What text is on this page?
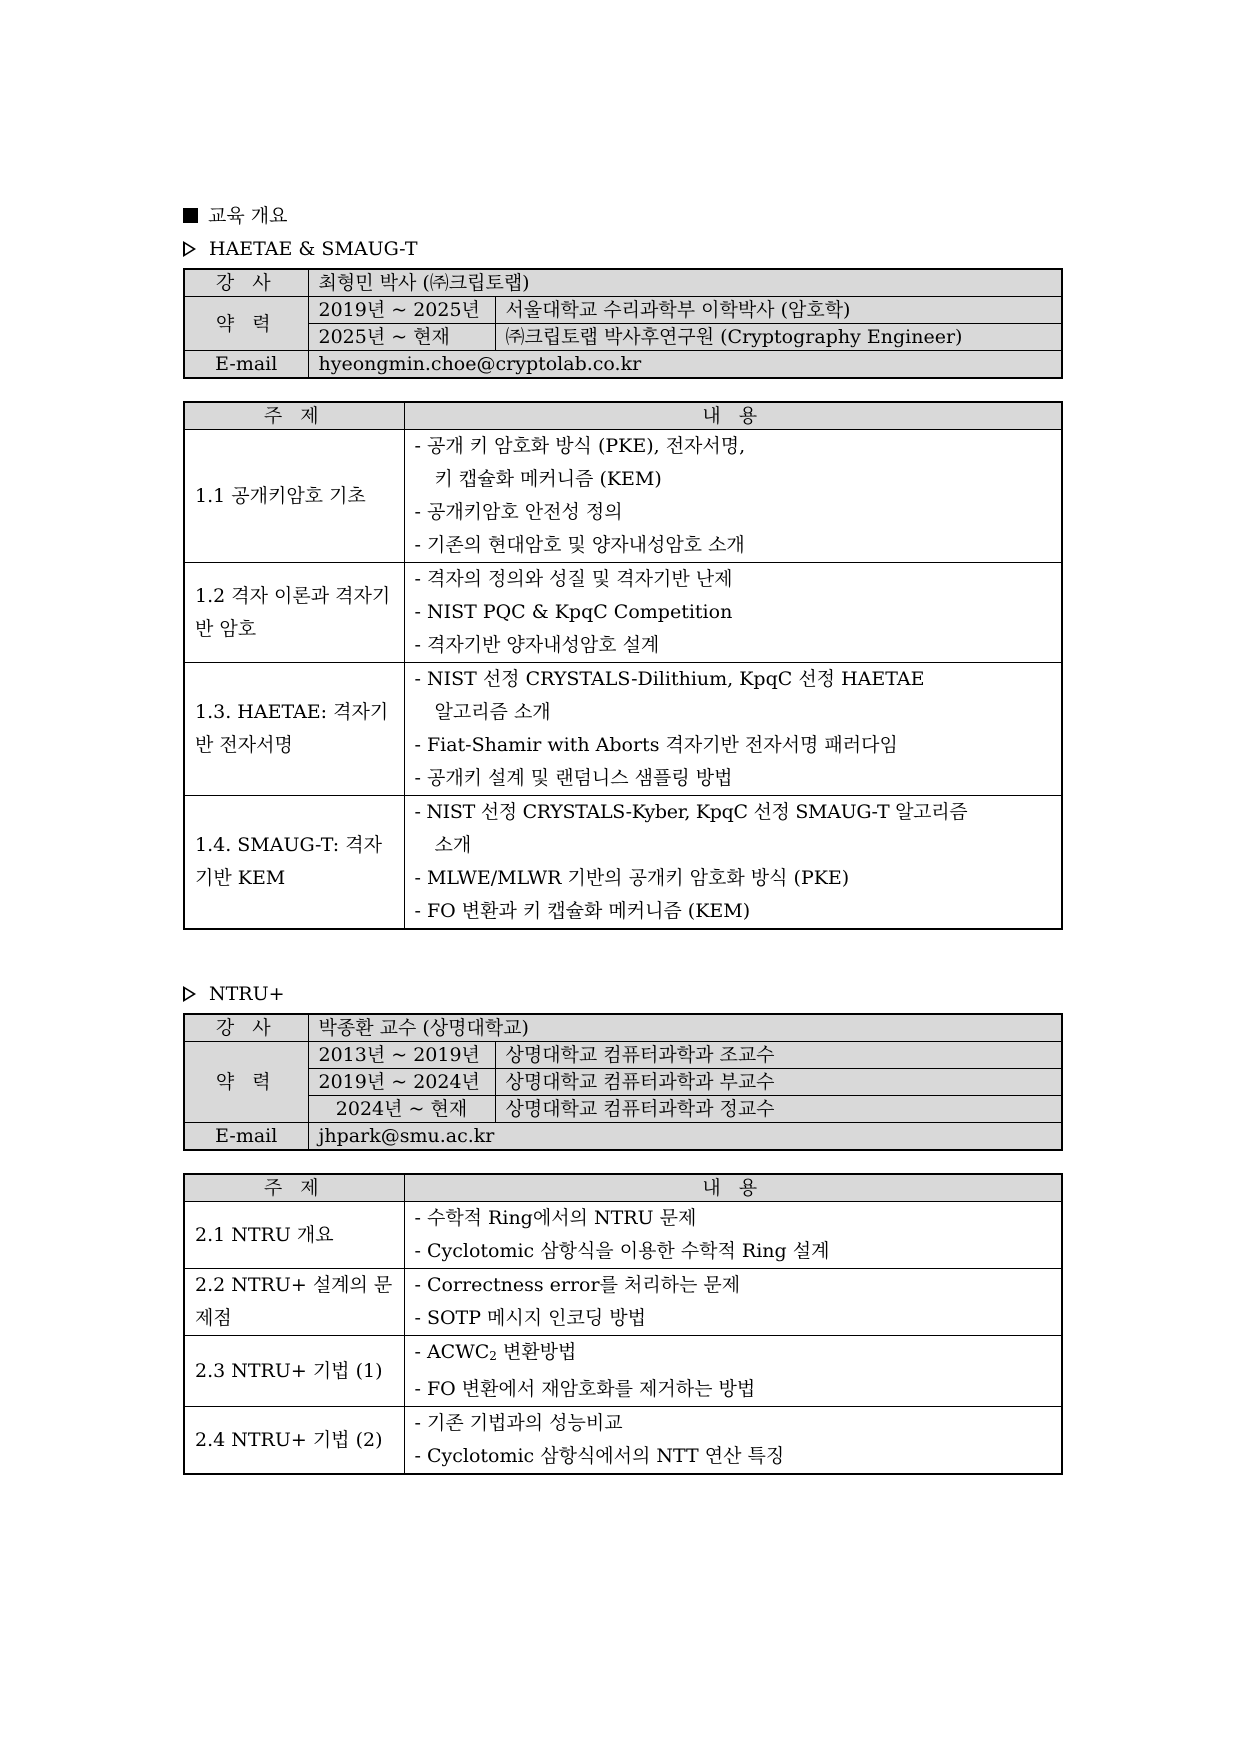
교육 개요
HAETAE & SMAUG-T
강 사	최형민 박사 (㈜크립토랩)	
약 력	2019년 ~ 2025년	서울대학교 수리과학부 이학박사 (암호학)
	2025년 ~ 현재	㈜크립토랩 박사후연구원 (Cryptography Engineer)
E-mail	hyeongmin.choe@cryptolab.co.kr	
주 제	내 용
1.1 공개키암호 기초	- 공개 키 암호화 방식 (PKE), 전자서명,
키 캡슐화 메커니즘 (KEM)
- 공개키암호 안전성 정의
- 기존의 현대암호 및 양자내성암호 소개

1.2 격자 이론과 격자기반 암호	- 격자의 정의와 성질 및 격자기반 난제
- NIST PQC & KpqC Competition
- 격자기반 양자내성암호 설계

1.3. HAETAE: 격자기반 전자서명	- NIST 선정 CRYSTALS-Dilithium, KpqC 선정 HAETAE
알고리즘 소개
- Fiat-Shamir with Aborts 격자기반 전자서명 패러다임
- 공개키 설계 및 랜덤니스 샘플링 방법

1.4. SMAUG-T: 격자기반 KEM	- NIST 선정 CRYSTALS-Kyber, KpqC 선정 SMAUG-T 알고리즘
소개
- MLWE/MLWR 기반의 공개키 암호화 방식 (PKE)
- FO 변환과 키 캡슐화 메커니즘 (KEM)
NTRU+
강 사	박종환 교수 (상명대학교)	
약 력	2013년 ~ 2019년	상명대학교 컴퓨터과학과 조교수
	2019년 ~ 2024년	상명대학교 컴퓨터과학과 부교수
	2024년 ~ 현재	상명대학교 컴퓨터과학과 정교수
E-mail	jhpark@smu.ac.kr	
주 제	내 용
2.1 NTRU 개요	- 수학적 Ring에서의 NTRU 문제
- Cyclotomic 삼항식을 이용한 수학적 Ring 설계

2.2 NTRU+ 설계의 문제점	- Correctness error를 처리하는 문제
- SOTP 메시지 인코딩 방법

2.3 NTRU+ 기법 (1)	- $ACWC_2$ 변환방법
- FO 변환에서 재암호화를 제거하는 방법

2.4 NTRU+ 기법 (2)	- 기존 기법과의 성능비교
- Cyclotomic 삼항식에서의 NTT 연산 특징
